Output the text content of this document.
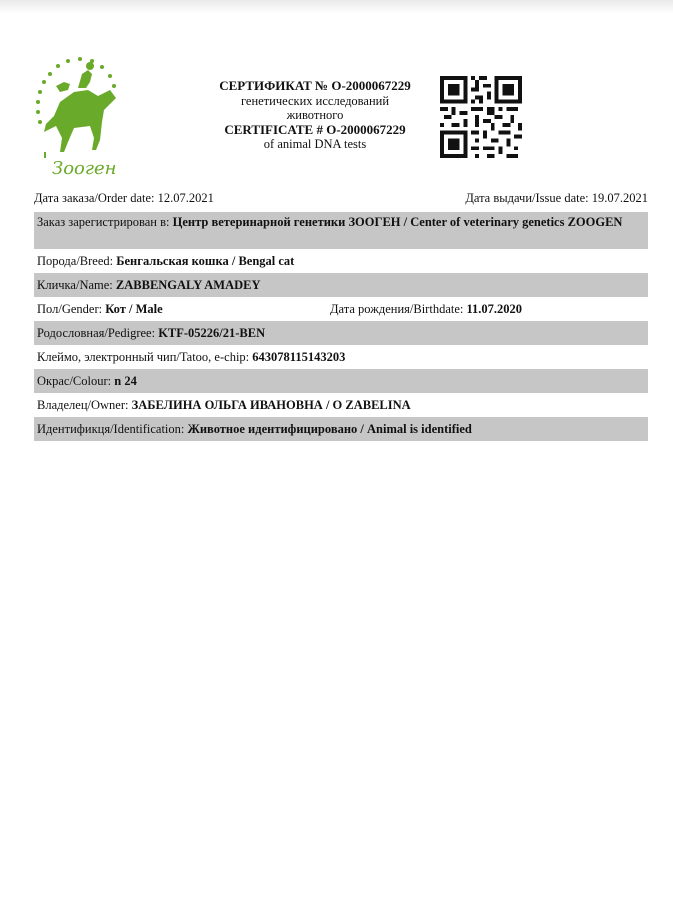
Зооген
СЕРТИФИКАТ № O-2000067229
генетических исследований
животного
CERTIFICATE # O-2000067229
of animal DNA tests
Дата заказа/Order date: 12.07.2021	Дата выдачи/Issue date: 19.07.2021
Заказ зарегистрирован в: Центр ветеринарной генетики ЗООГЕН / Center of veterinary genetics ZOOGEN
Порода/Breed: Бенгальская кошка / Bengal cat
Кличка/Name: ZABBENGALY AMADEY
Пол/Gender: Кот / Male	Дата рождения/Birthdate: 11.07.2020
Родословная/Pedigree: KTF-05226/21-BEN
Клеймо, электронный чип/Tatoo, e-chip: 643078115143203
Окрас/Colour: n 24
Владелец/Owner: ЗАБЕЛИНА ОЛЬГА ИВАНОВНА / O ZABELINA
Идентификця/Identification: Животное идентифицировано / Animal is identified
